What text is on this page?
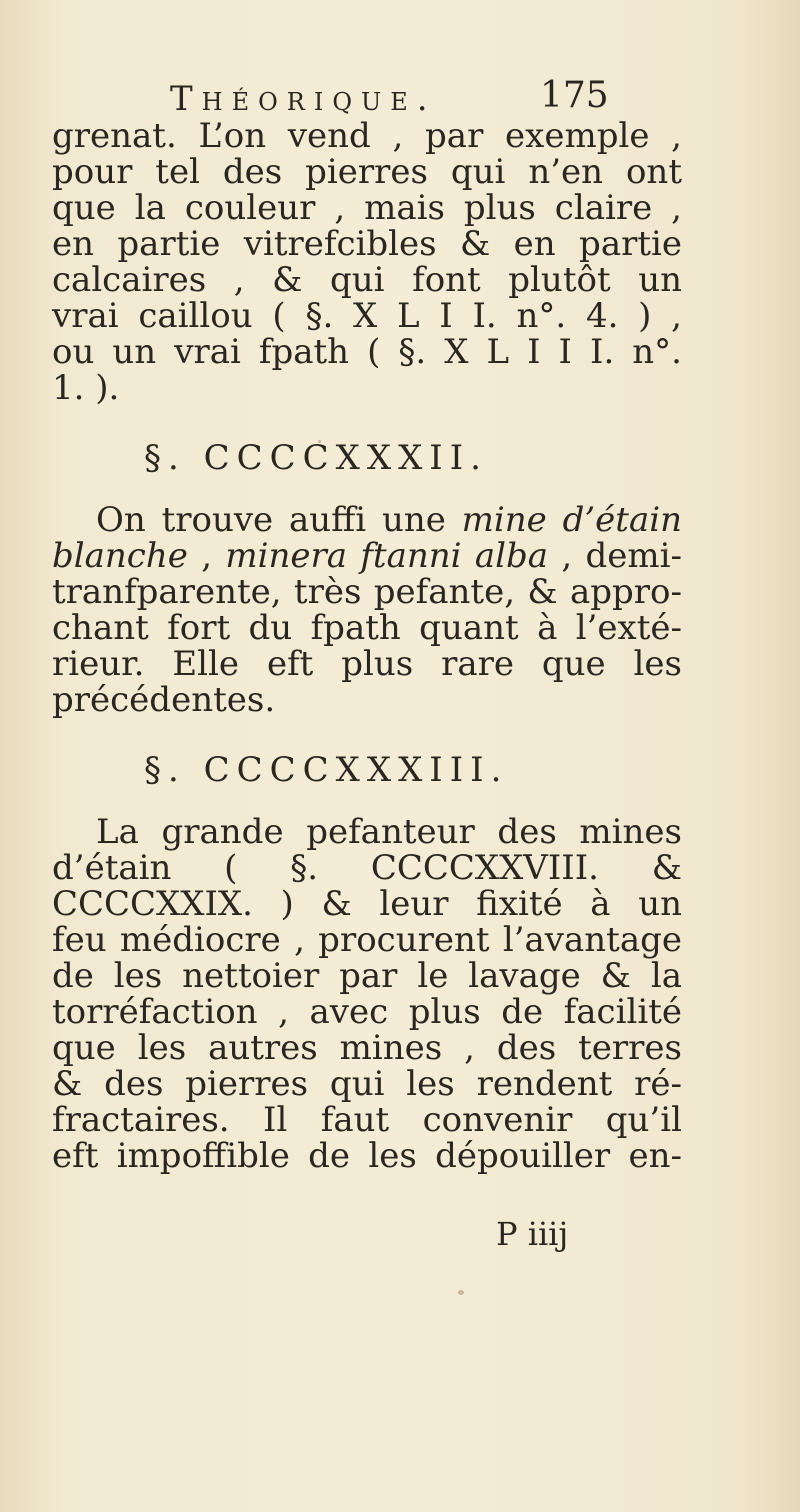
Théorique.	175
grenat. L’on vend , par exemple ,
pour tel des pierres qui n’en ont
que la couleur , mais plus claire ,
en partie vitrefcibles & en partie
calcaires , & qui font plutôt un
vrai caillou ( §. X L I I. n°. 4. ) ,
ou un vrai fpath ( §. X L I I I. n°.
1. ).
§. CCCCXXXII.
On trouve auffi une mine d’étain
blanche , minera ftanni alba , demi-
tranfparente, très pefante, & appro-
chant fort du fpath quant à l’exté-
rieur. Elle eft plus rare que les
précédentes.
§. CCCCXXXIII.
La grande pefanteur des mines
d’étain ( §. CCCCXXVIII. &
CCCCXXIX. ) & leur fixité à un
feu médiocre , procurent l’avantage
de les nettoier par le lavage & la
torréfaction , avec plus de facilité
que les autres mines , des terres
& des pierres qui les rendent ré-
fractaires. Il faut convenir qu’il
eft impoffible de les dépouiller en-
P iiij
